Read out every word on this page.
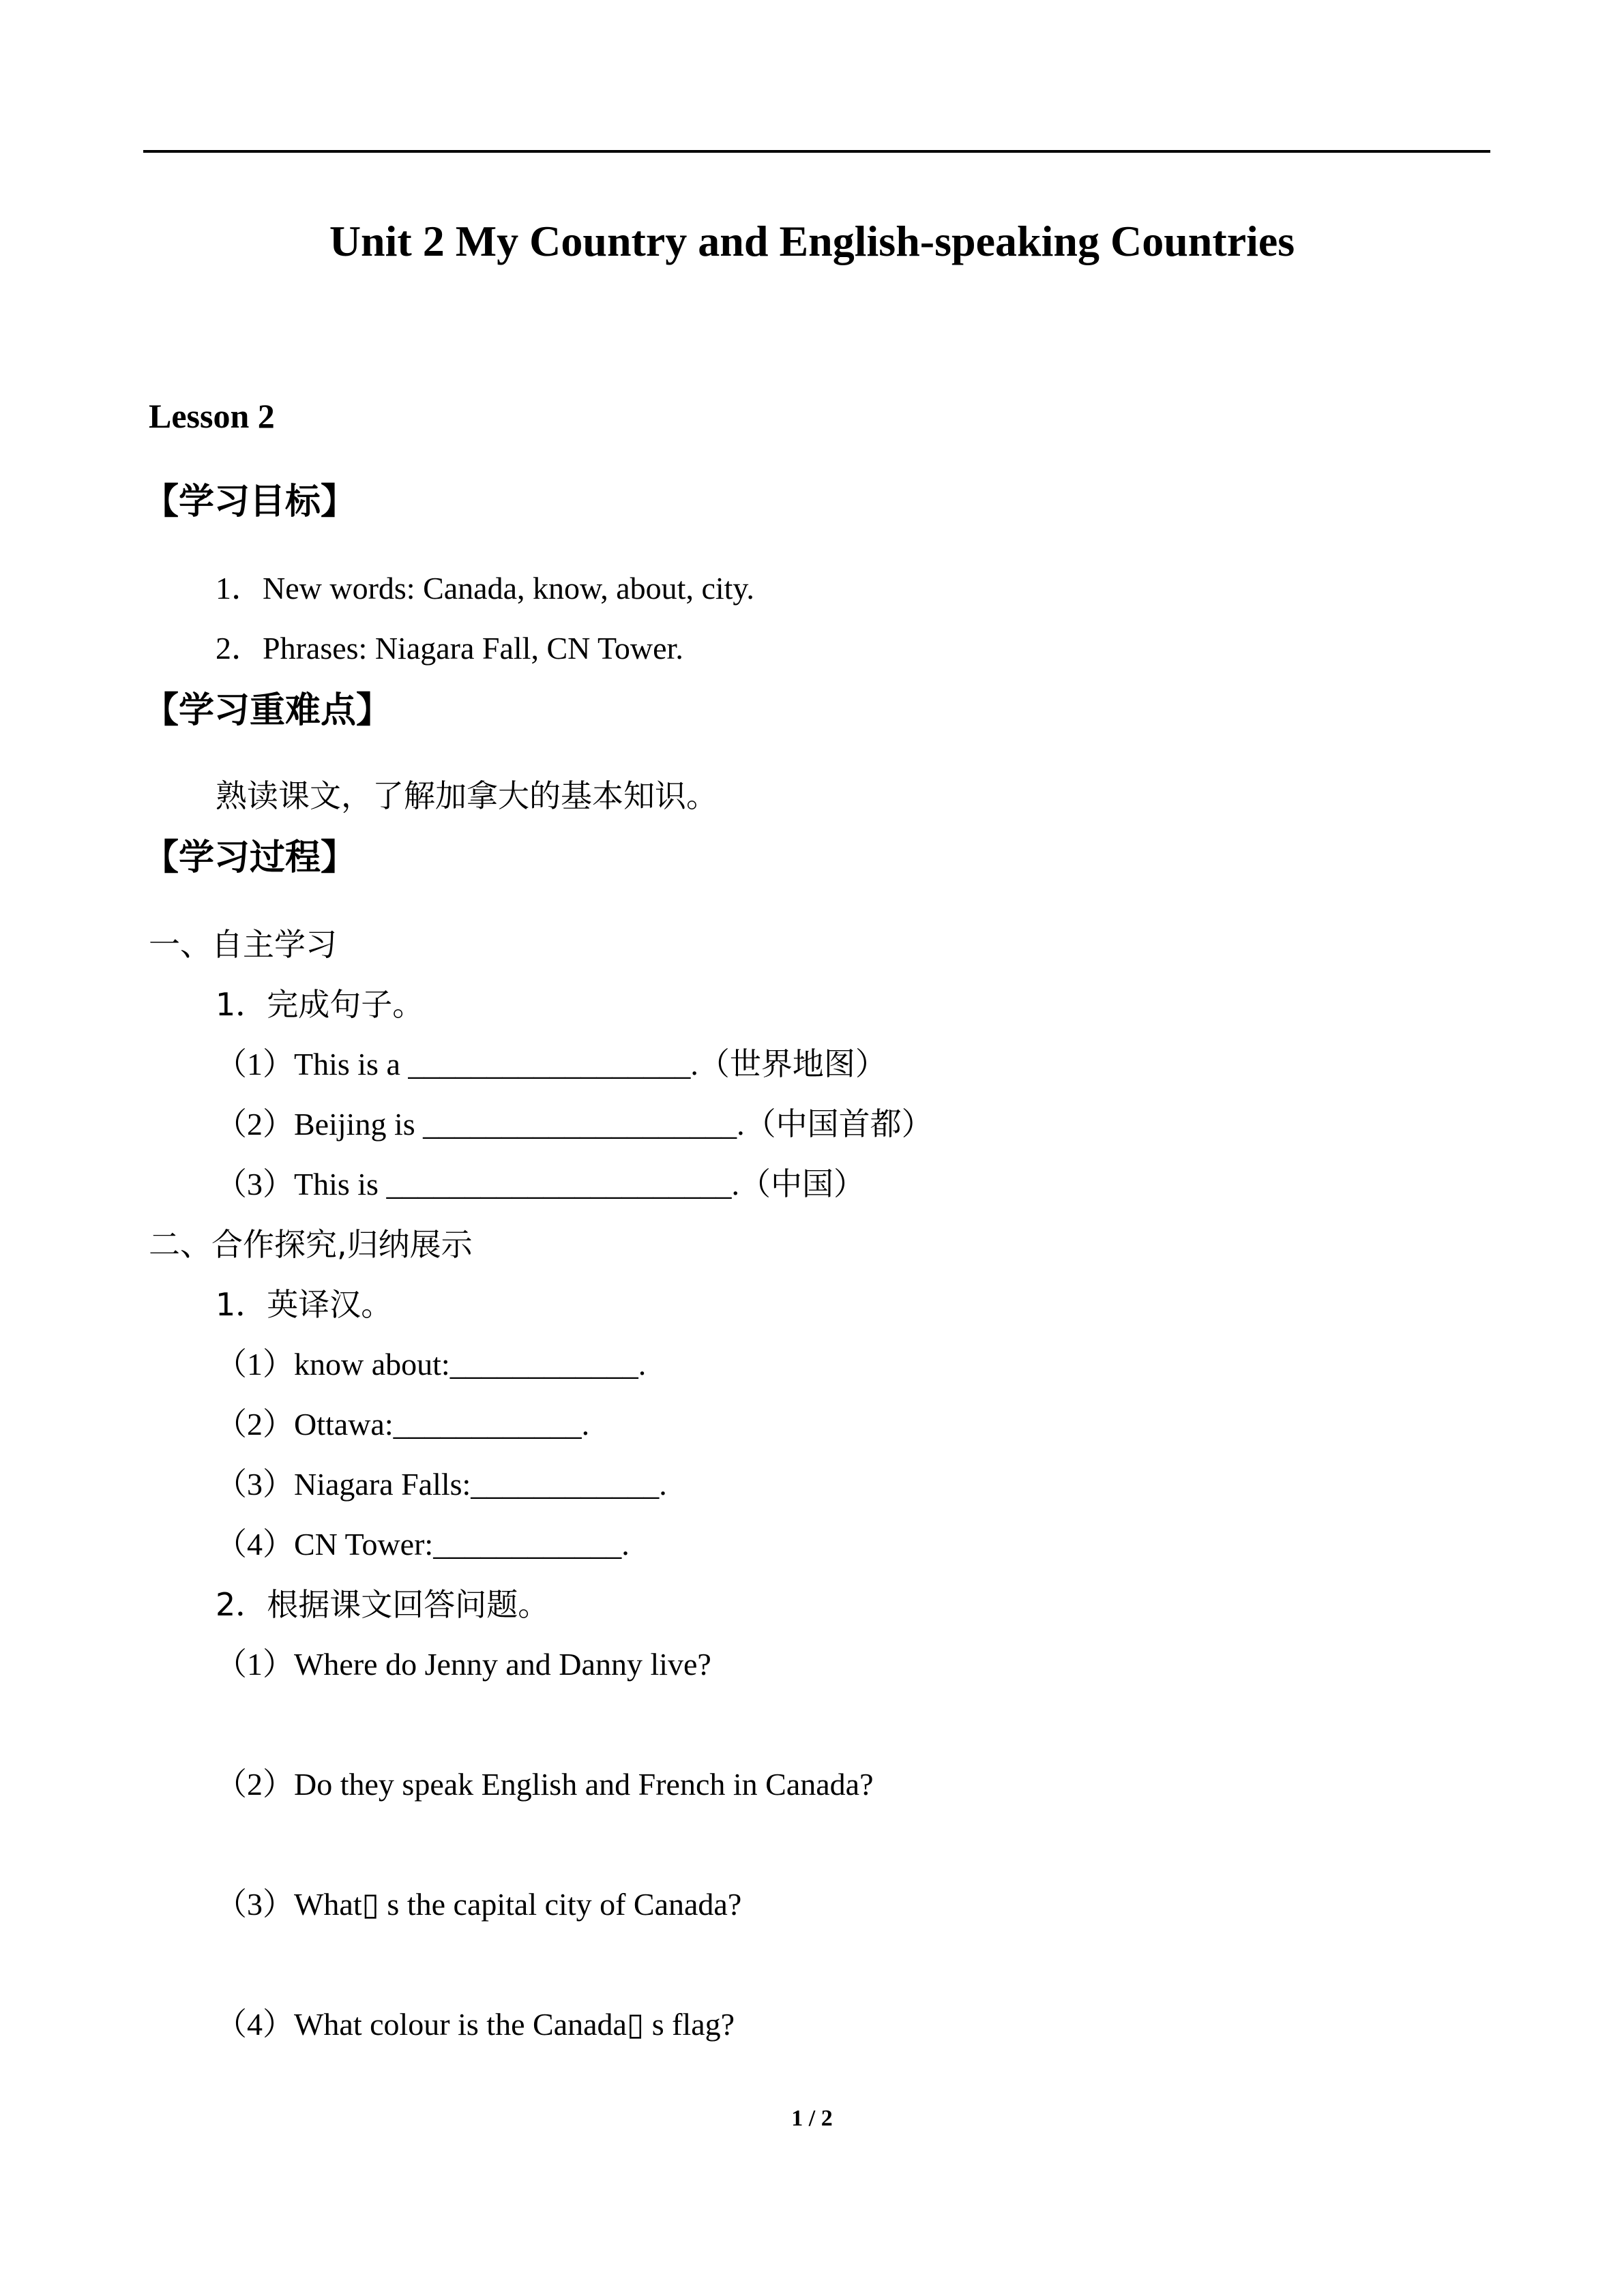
Unit 2 My Country and English-speaking Countries
Lesson 2
【学习目标】
1．New words: Canada, know, about, city.
2．Phrases: Niagara Fall, CN Tower.
【学习重难点】
熟读课文，了解加拿大的基本知识。
【学习过程】
一、自主学习
1．完成句子。
（1）This is a __________________.（世界地图）
（2）Beijing is ____________________.（中国首都）
（3）This is ______________________.（中国）
二、合作探究,归纳展示
1．英译汉。
（1）know about:____________.
（2）Ottawa:____________.
（3）Niagara Falls:____________.
（4）CN Tower:____________.
2．根据课文回答问题。
（1）Where do Jenny and Danny live?
（2）Do they speak English and French in Canada?
（3）What▯ s the capital city of Canada?
（4）What colour is the Canada▯ s flag?
1 / 2
